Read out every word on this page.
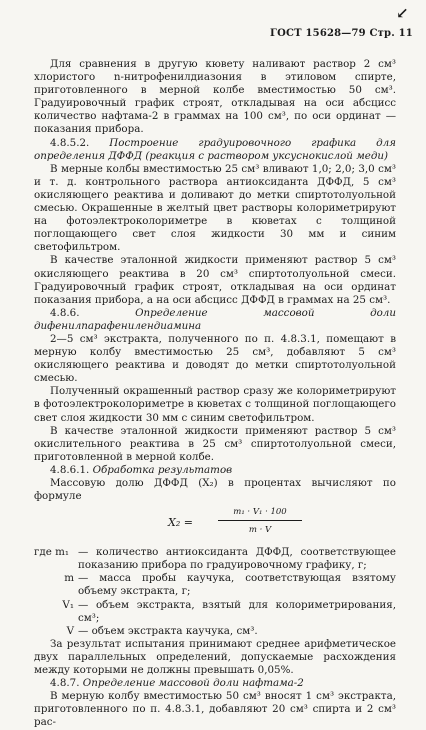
↙
ГОСТ 15628—79 Стр. 11

Для сравнения в другую кювету наливают раствор 2 см³ хлористого n-нитрофенилдиазония в этиловом спирте, приготовленного в мерной колбе вместимостью 50 см³. Градуировочный график строят, откладывая на оси абсцисс количество нафтама-2 в граммах на 100 см³, по оси ординат — показания прибора.

4.8.5.2. Построение градуировочного графика для определения ДФФД (реакция с раствором уксуснокислой меди)

В мерные колбы вместимостью 25 см³ вливают 1,0; 2,0; 3,0 см³ и т. д. контрольного раствора антиоксиданта ДФФД, 5 см³ окисляющего реактива и доливают до метки спиртотолуольной смесью. Окрашенные в желтый цвет растворы колориметрируют на фотоэлектроколориметре в кюветах с толщиной поглощающего свет слоя жидкости 30 мм и синим светофильтром.

В качестве эталонной жидкости применяют раствор 5 см³ окисляющего реактива в 20 см³ спиртотолуольной смеси. Градуировочный график строят, откладывая на оси ординат показания прибора, а на оси абсцисс ДФФД в граммах на 25 см³.

4.8.6. Определение массовой доли дифенилпарафенилендиамина

2—5 см³ экстракта, полученного по п. 4.8.3.1, помещают в мерную колбу вместимостью 25 см³, добавляют 5 см³ окисляющего реактива и доводят до метки спиртотолуольной смесью.

Полученный окрашенный раствор сразу же колориметрируют в фотоэлектроколориметре в кюветах с толщиной поглощающего свет слоя жидкости 30 мм с синим светофильтром.

В качестве эталонной жидкости применяют раствор 5 см³ окислительного реактива в 25 см³ спиртотолуольной смеси, приготовленной в мерной колбе.

4.8.6.1. Обработка результатов

Массовую долю ДФФД (X₂) в процентах вычисляют по формуле

X₂ =
m₁ · V₁ · 100
m · V
где m₁ — количество антиоксиданта ДФФД, соответствующее показанию прибора по градуировочному графику, г;
m — масса пробы каучука, соответствующая взятому объему экстракта, г;
V₁ — объем экстракта, взятый для колориметрирования, см³;
V — объем экстракта каучука, см³.

За результат испытания принимают среднее арифметическое двух параллельных определений, допускаемые расхождения между которыми не должны превышать 0,05%.

4.8.7. Определение массовой доли нафтама-2

В мерную колбу вместимостью 50 см³ вносят 1 см³ экстракта, приготовленного по п. 4.8.3.1, добавляют 20 см³ спирта и 2 см³ рас-
